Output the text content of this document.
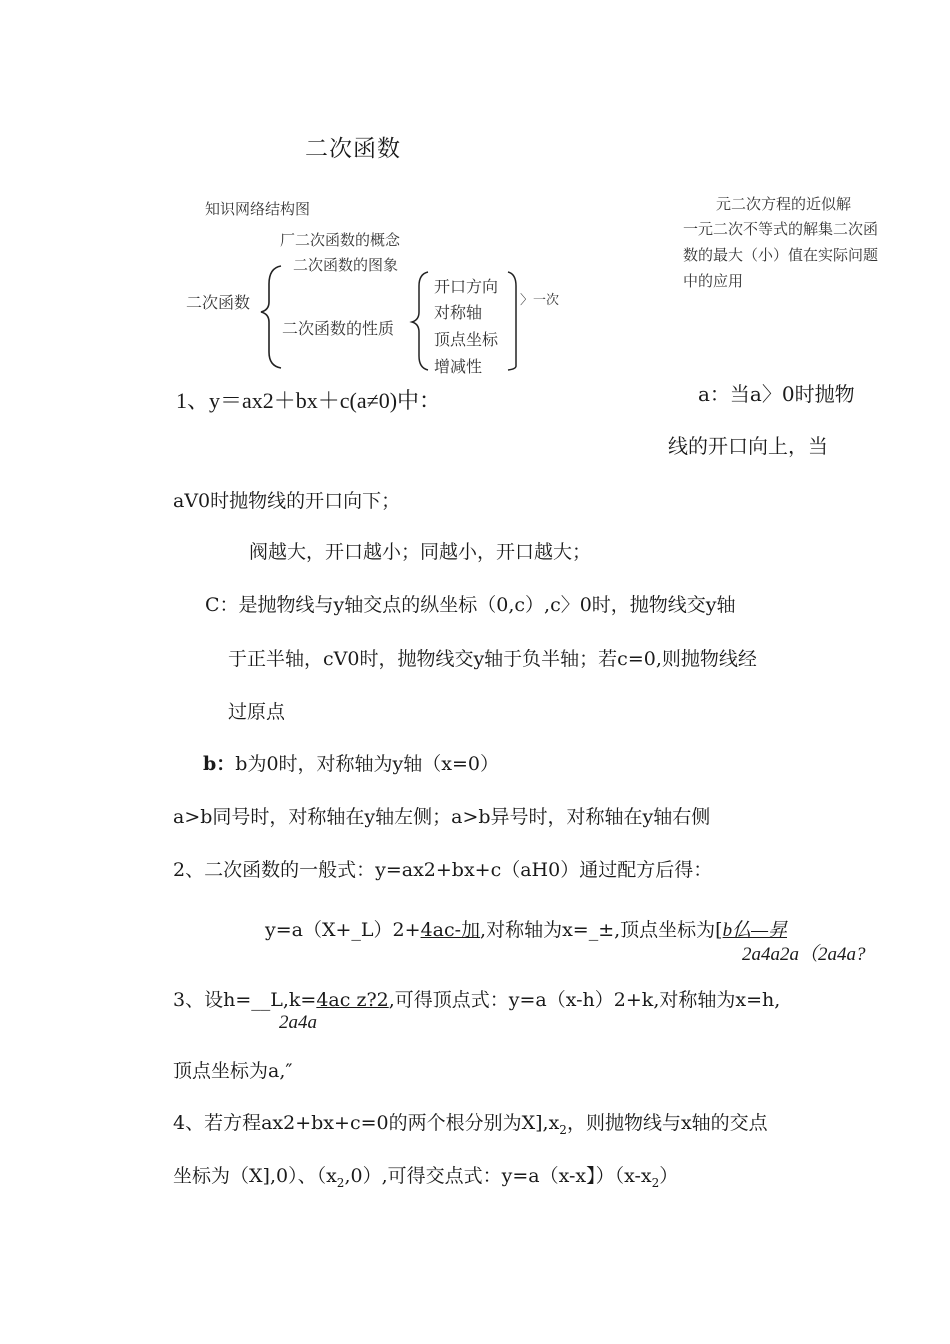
二次函数
知识网络结构图
厂二次函数的概念
二次函数的图象
二次函数
二次函数的性质
开口方向
对称轴
顶点坐标
增减性
〉一次
元二次方程的近似解
一元二次不等式的解集二次函
数的最大（小）值在实际问题
中的应用
1、y＝ax2＋bx＋c(a≠0)中：	a：当a〉0时抛物
线的开口向上，当
aV0时抛物线的开口向下；
阀越大，开口越小；同越小，开口越大；
C：是抛物线与y轴交点的纵坐标（0,c）,c〉0时，抛物线交y轴
于正半轴，cV0时，抛物线交y轴于负半轴；若c=0,则抛物线经
过原点
b：b为0时，对称轴为y轴（x=0）
a>b同号时，对称轴在y轴左侧；a>b异号时，对称轴在y轴右侧
2、二次函数的一般式：y=ax2+bx+c（aH0）通过配方后得：
y=a（X+_L）2+4ac-加,对称轴为x=_±,顶点坐标为[b仏—昇
2a4a2a（2a4a?
3、设h=__L,k=4ac z?2,可得顶点式：y=a（x-h）2+k,对称轴为x=h,
2a4a
顶点坐标为a,″
4、若方程ax2+bx+c=0的两个根分别为$X],x_2$，则抛物线与x轴的交点
坐标为（X],0）、$(x_2,0)$,可得交点式：y=a（x-x】）$(x-x_2)$
